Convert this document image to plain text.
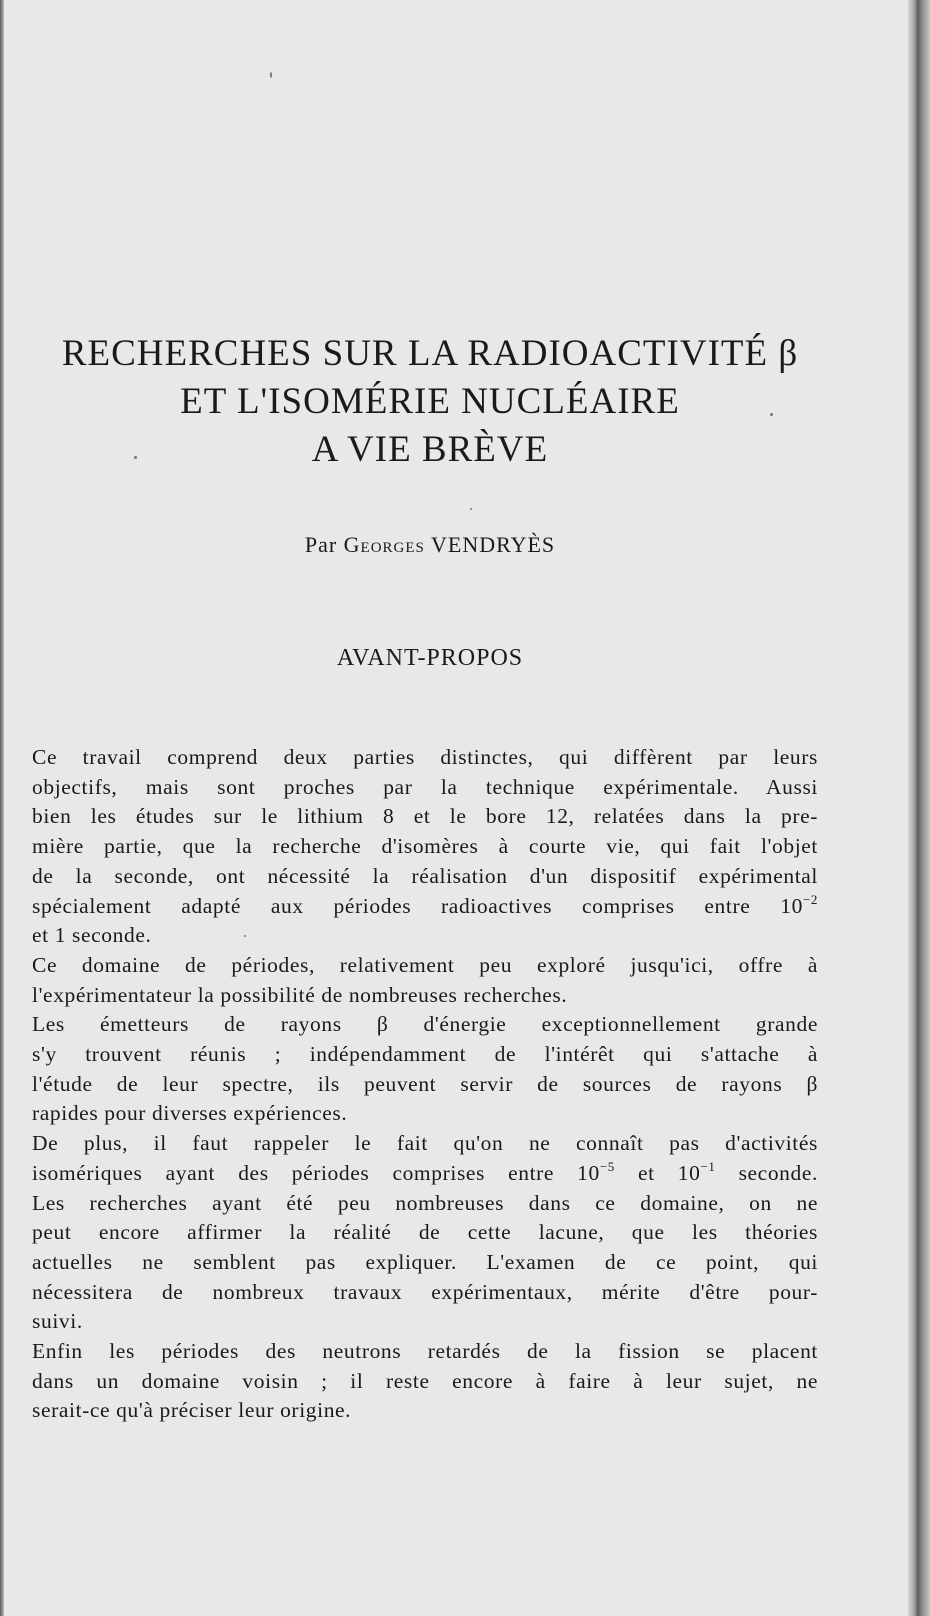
RECHERCHES SUR LA RADIOACTIVITÉ β
ET L'ISOMÉRIE NUCLÉAIRE
A VIE BRÈVE
Par Georges VENDRYÈS
AVANT-PROPOS

Ce travail comprend deux parties distinctes, qui diffèrent par leurs

objectifs, mais sont proches par la technique expérimentale. Aussi

bien les études sur le lithium 8 et le bore 12, relatées dans la pre-

mière partie, que la recherche d'isomères à courte vie, qui fait l'objet

de la seconde, ont nécessité la réalisation d'un dispositif expérimental

spécialement adapté aux périodes radioactives comprises entre $10^{-2}$

et 1 seconde.

Ce domaine de périodes, relativement peu exploré jusqu'ici, offre à

l'expérimentateur la possibilité de nombreuses recherches.

Les émetteurs de rayons β d'énergie exceptionnellement grande

s'y trouvent réunis ; indépendamment de l'intérêt qui s'attache à

l'étude de leur spectre, ils peuvent servir de sources de rayons β

rapides pour diverses expériences.

De plus, il faut rappeler le fait qu'on ne connaît pas d'activités

isomériques ayant des périodes comprises entre $10^{-5}$ et $10^{-1}$ seconde.

Les recherches ayant été peu nombreuses dans ce domaine, on ne

peut encore affirmer la réalité de cette lacune, que les théories

actuelles ne semblent pas expliquer. L'examen de ce point, qui

nécessitera de nombreux travaux expérimentaux, mérite d'être pour-

suivi.

Enfin les périodes des neutrons retardés de la fission se placent

dans un domaine voisin ; il reste encore à faire à leur sujet, ne

serait-ce qu'à préciser leur origine.
